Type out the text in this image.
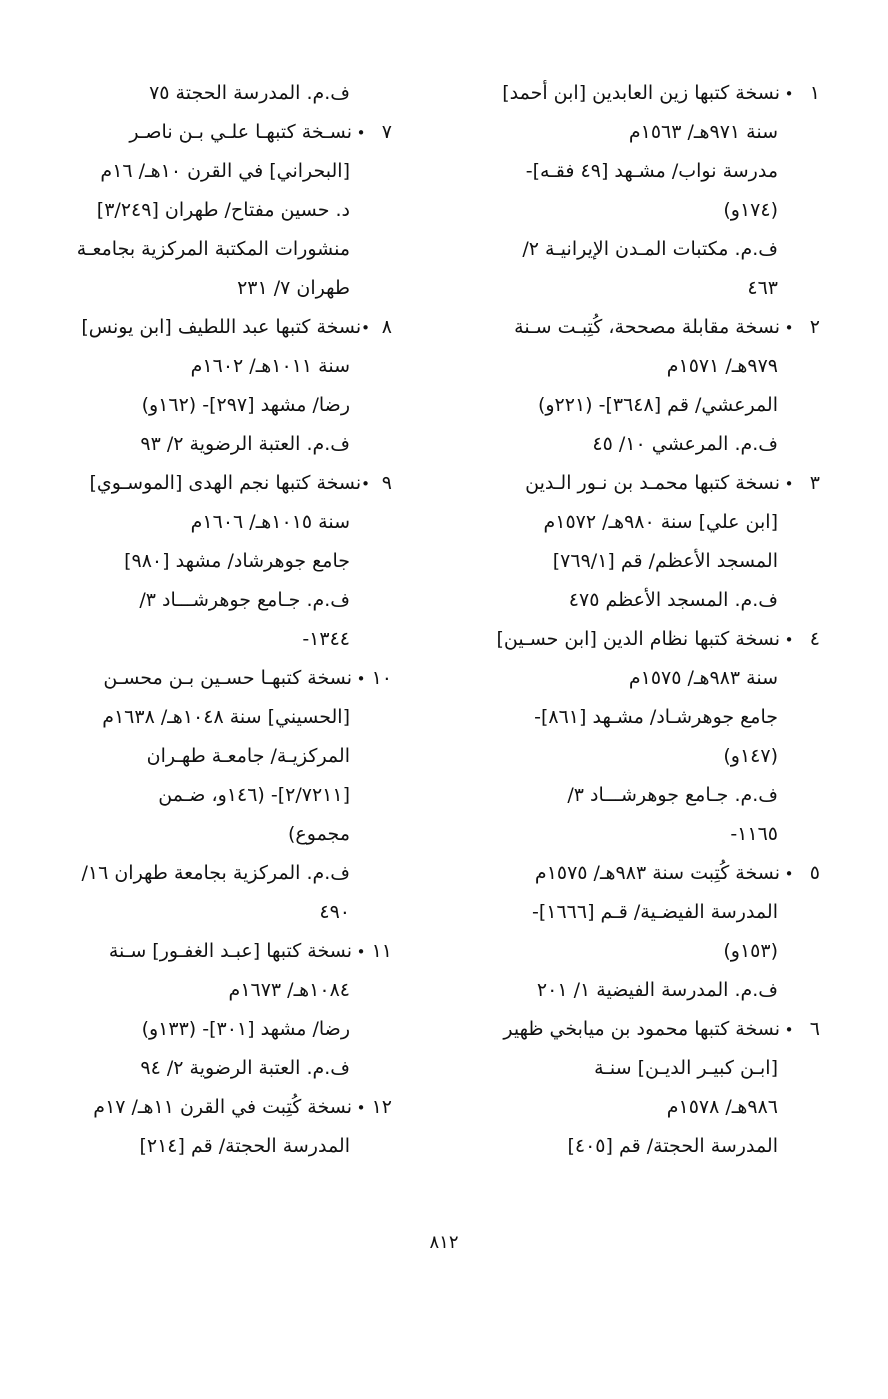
١
•
نسخة كتبها زين العابدين [ابن أحمد]
سنة ٩٧١هـ/ ١٥٦٣م
مدرسة نواب/ مشـهد [٤٩ فقـه]-
(١٧٤و)
ف.م. مكتبات المـدن الإيرانيـة ٢/
٤٦٣
٢
•
نسخة مقابلة مصححة، كُتِبـت سـنة
٩٧٩هـ/ ١٥٧١م
المرعشي/ قم [٣٦٤٨]- (٢٢١و)
ف.م. المرعشي ١٠/ ٤٥
٣
•
نسخة كتبها محمـد بن نـور الـدين
[ابن علي] سنة ٩٨٠هـ/ ١٥٧٢م
المسجد الأعظم/ قم [٧٦٩/١]
ف.م. المسجد الأعظم ٤٧٥
٤
•
نسخة كتبها نظام الدين [ابن حسـين]
سنة ٩٨٣هـ/ ١٥٧٥م
جامع جوهرشـاد/ مشـهد [٨٦١]-
(١٤٧و)
ف.م. جـامع جوهرشـــاد ٣/
١١٦٥-
٥
•
نسخة كُتِبت سنة ٩٨٣هـ/ ١٥٧٥م
المدرسة الفيضـية/ قـم [١٦٦٦]-
(١٥٣و)
ف.م. المدرسة الفيضية ١/ ٢٠١
٦
•
نسخة كتبها محمود بن ميابخي ظهير
[ابـن كبيـر الديـن] سنـة
٩٨٦هـ/ ١٥٧٨م
المدرسة الحجتة/ قم [٤٠٥]
ف.م. المدرسة الحجتة ٧٥
٧
•
نسـخة كتبهـا علـي بـن ناصـر
[البحراني] في القرن ١٠هـ/ ١٦م
د. حسين مفتاح/ طهران [٣/٢٤٩]
منشورات المكتبة المركزية بجامعـة
طهران ٧/ ٢٣١
٨
•
نسخة كتبها عبد اللطيف [ابن يونس]
سنة ١٠١١هـ/ ١٦٠٢م
رضا/ مشهد [٢٩٧]- (١٦٢و)
ف.م. العتبة الرضوية ٢/ ٩٣
٩
•
نسخة كتبها نجم الهدى [الموسـوي]
سنة ١٠١٥هـ/ ١٦٠٦م
جامع جوهرشاد/ مشهد [٩٨٠]
ف.م. جـامع جوهرشـــاد ٣/
١٣٤٤-
١٠
•
نسخة كتبهـا حسـين بـن محسـن
[الحسيني] سنة ١٠٤٨هـ/ ١٦٣٨م
المركزيـة/ جامعـة طهـران
[٢/٧٢١١]- (١٤٦و، ضـمن
مجموع)
ف.م. المركزية بجامعة طهران ١٦/
٤٩٠
١١
•
نسخة كتبها [عبـد الغفـور] سـنة
١٠٨٤هـ/ ١٦٧٣م
رضا/ مشهد [٣٠١]- (١٣٣و)
ف.م. العتبة الرضوية ٢/ ٩٤
١٢
•
نسخة كُتِبت في القرن ١١هـ/ ١٧م
المدرسة الحجتة/ قم [٢١٤]
٨١٢
